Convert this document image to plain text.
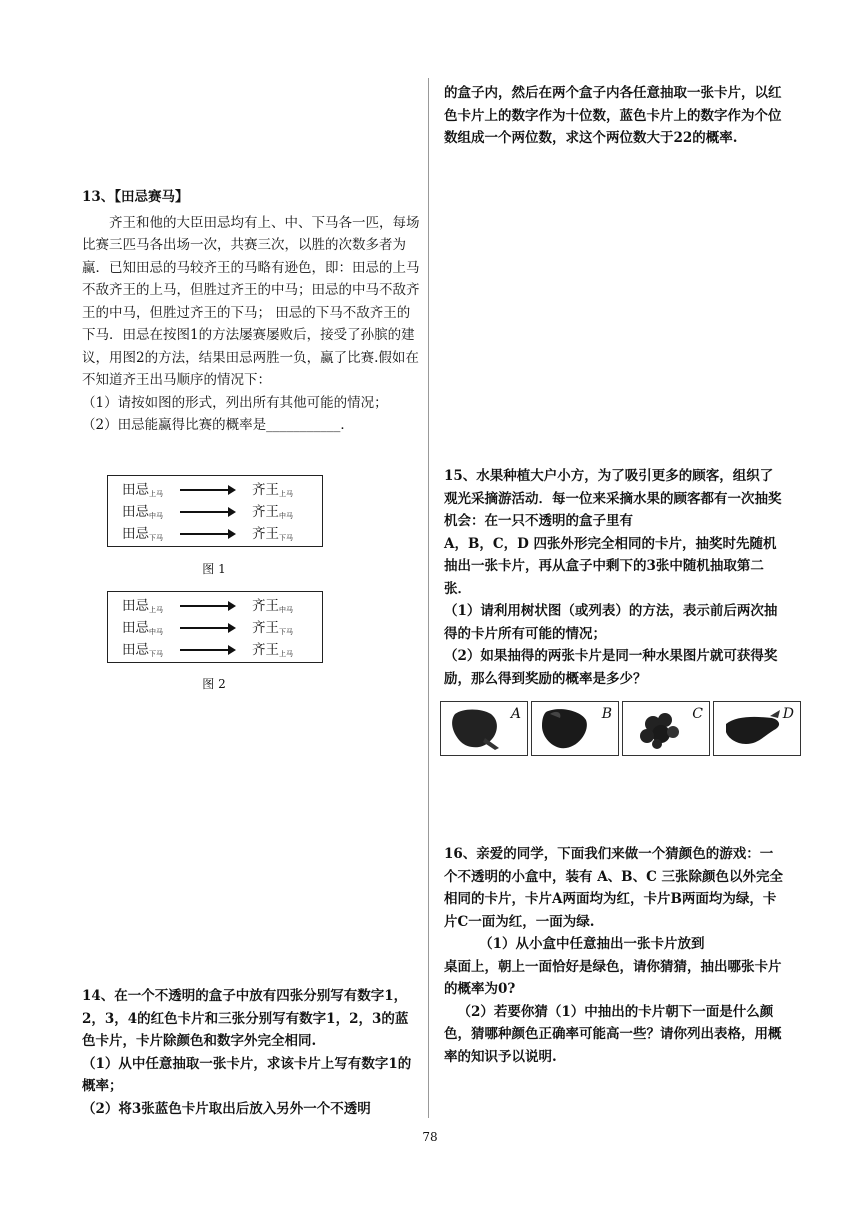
13、【田忌赛马】

齐王和他的大臣田忌均有上、中、下马各一匹，每场比赛三匹马各出场一次，共赛三次，以胜的次数多者为赢．已知田忌的马较齐王的马略有逊色，即：田忌的上马不敌齐王的上马，但胜过齐王的中马；田忌的中马不敌齐王的中马，但胜过齐王的下马； 田忌的下马不敌齐王的下马．田忌在按图1的方法屡赛屡败后，接受了孙膑的建议，用图2的方法，结果田忌两胜一负，赢了比赛.假如在不知道齐王出马顺序的情况下：

（1）请按如图的形式，列出所有其他可能的情况；

（2）田忌能赢得比赛的概率是___________．

田忌$_{上马}$	齐王$_{上马}$
田忌$_{中马}$	齐王$_{中马}$
田忌$_{下马}$	齐王$_{下马}$
图 1
田忌$_{上马}$	齐王$_{中马}$
田忌$_{中马}$	齐王$_{下马}$
田忌$_{下马}$	齐王$_{上马}$
图 2

14、在一个不透明的盒子中放有四张分别写有数字1，2，3，4的红色卡片和三张分别写有数字1，2，3的蓝色卡片，卡片除颜色和数字外完全相同.

（1）从中任意抽取一张卡片，求该卡片上写有数字1的概率；

（2）将3张蓝色卡片取出后放入另外一个不透明

的盒子内，然后在两个盒子内各任意抽取一张卡片，以红色卡片上的数字作为十位数，蓝色卡片上的数字作为个位数组成一个两位数，求这个两位数大于22的概率.

15、水果种植大户小方，为了吸引更多的顾客，组织了观光采摘游活动．每一位来采摘水果的顾客都有一次抽奖机会：在一只不透明的盒子里有

A，B，C，D 四张外形完全相同的卡片，抽奖时先随机抽出一张卡片，再从盒子中剩下的3张中随机抽取第二张．

（1）请利用树状图（或列表）的方法，表示前后两次抽得的卡片所有可能的情况；

（2）如果抽得的两张卡片是同一种水果图片就可获得奖励，那么得到奖励的概率是多少？

A	B	C	D

16、亲爱的同学，下面我们来做一个猜颜色的游戏：一个不透明的小盒中，装有 A、B、C 三张除颜色以外完全相同的卡片，卡片A两面均为红，卡片B两面均为绿，卡片C一面为红，一面为绿.

（1）从小盒中任意抽出一张卡片放到

桌面上，朝上一面恰好是绿色，请你猜猜，抽出哪张卡片的概率为0?

（2）若要你猜（1）中抽出的卡片朝下一面是什么颜色，猜哪种颜色正确率可能高一些？请你列出表格，用概率的知识予以说明.

78
